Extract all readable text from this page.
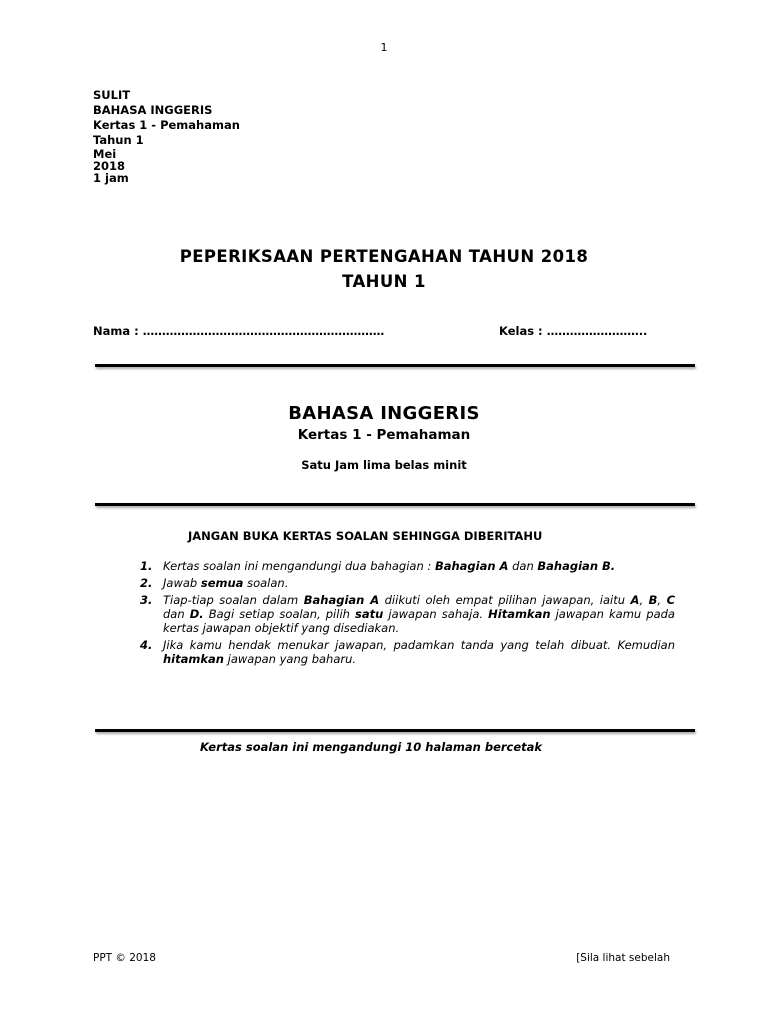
1
SULIT
BAHASA INGGERIS
Kertas 1 - Pemahaman
Tahun 1
Mei
2018
1 jam
PEPERIKSAAN PERTENGAHAN TAHUN 2018
TAHUN 1
Nama : ………………………………………………………	Kelas : ……………………..
BAHASA INGGERIS
Kertas 1 - Pemahaman
Satu Jam lima belas minit
JANGAN BUKA KERTAS SOALAN SEHINGGA DIBERITAHU
1. Kertas soalan ini mengandungi dua bahagian : Bahagian A dan Bahagian B.
2. Jawab semua soalan.
3. Tiap-tiap soalan dalam Bahagian A diikuti oleh empat pilihan jawapan, iaitu A, B, C dan D. Bagi setiap soalan, pilih satu jawapan sahaja. Hitamkan jawapan kamu pada kertas jawapan objektif yang disediakan.
4. Jika kamu hendak menukar jawapan, padamkan tanda yang telah dibuat. Kemudian hitamkan jawapan yang baharu.
Kertas soalan ini mengandungi 10 halaman bercetak
PPT © 2018	[Sila lihat sebelah
